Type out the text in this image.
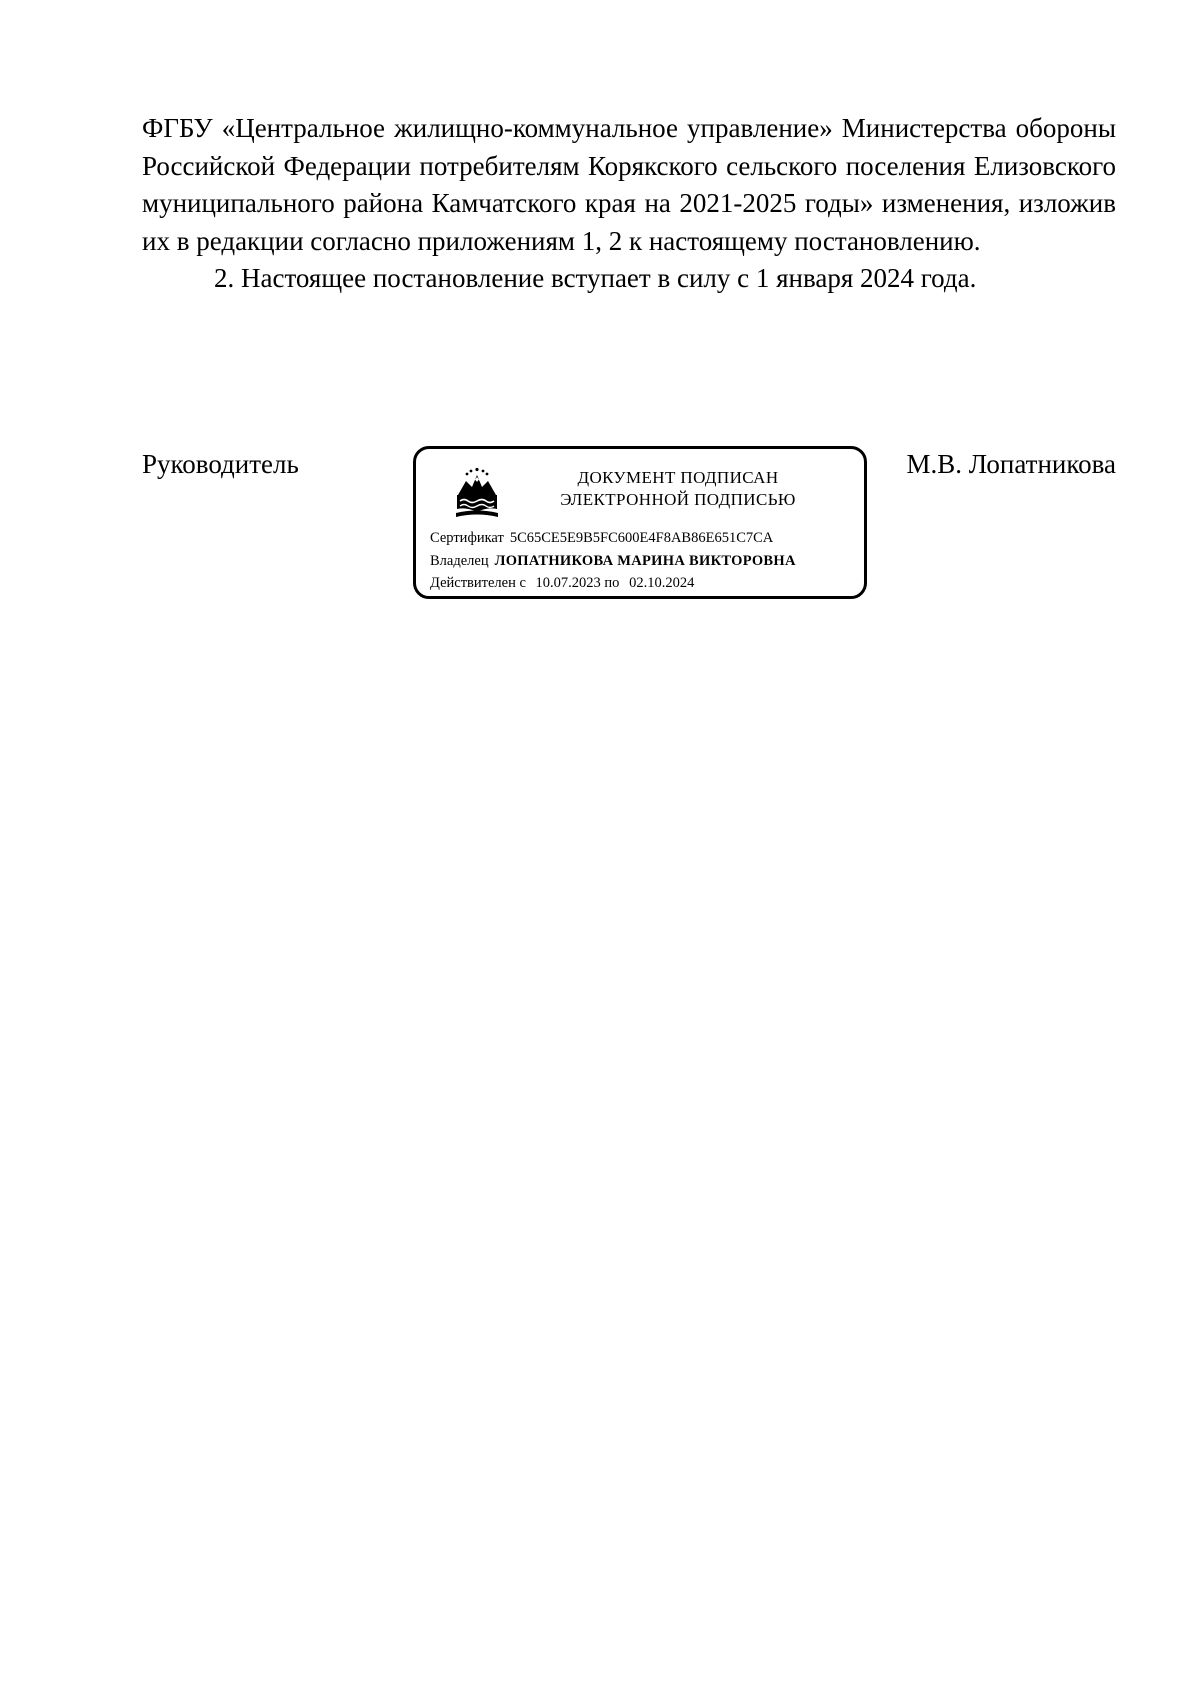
ФГБУ «Центральное жилищно-коммунальное управление» Министерства обороны Российской Федерации потребителям Корякского сельского поселения Елизовского муниципального района Камчатского края на 2021-2025 годы» изменения, изложив их в редакции согласно приложениям 1, 2 к настоящему постановлению.

2. Настоящее постановление вступает в силу с 1 января 2024 года.

Руководитель	ДОКУМЕНТ ПОДПИСАН
ЭЛЕКТРОННОЙ ПОДПИСЬЮ
Сертификат 5C65CE5E9B5FC600E4F8AB86E651C7CA
Владелец ЛОПАТНИКОВА МАРИНА ВИКТОРОВНА
Действителен с 10.07.2023 по 02.10.2024
М.В. Лопатникова
